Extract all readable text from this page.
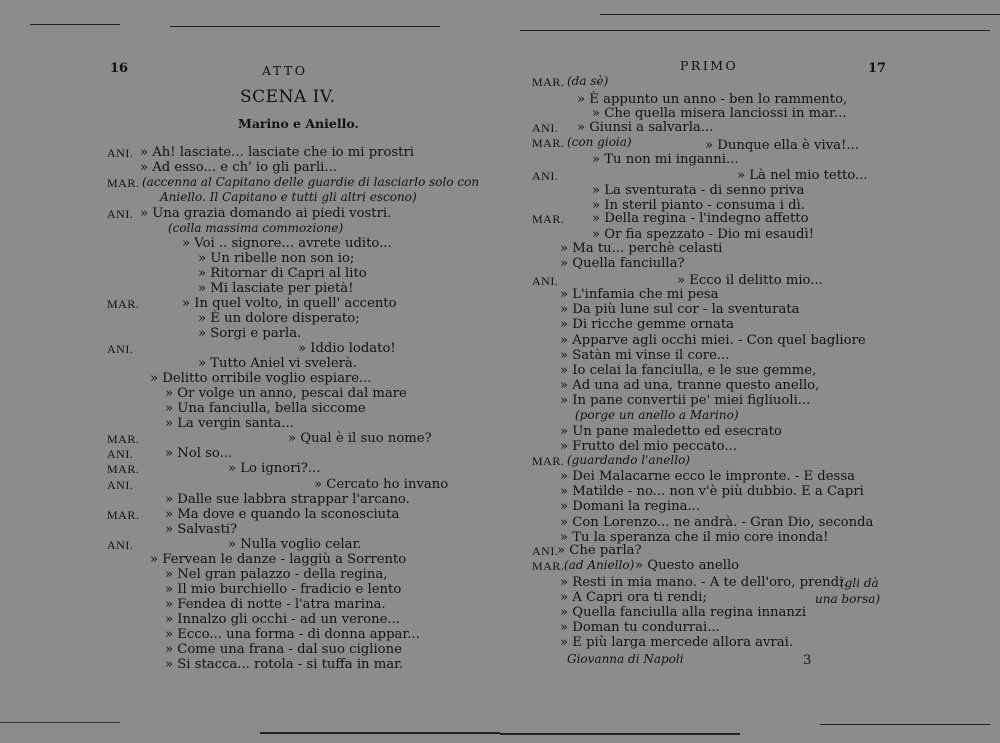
16	ATTO
SCENA IV.
Marino e Aniello.
ANI. » Ah! lasciate... lasciate che io mi prostri
» Ad esso... e ch' io gli parli...
MAR. (accenna al Capitano delle guardie di lasciarlo solo con
Aniello. Il Capitano e tutti gli altri escono)
ANI. » Una grazia domando ai piedi vostri.
(colla massima commozione)
» Voi .. signore... avrete udito...
» Un ribelle non son io;
» Ritornar di Capri al lito
» Mi lasciate per pietà!
MAR.	» In quel volto, in quell' accento
» È un dolore disperato;
» Sorgi e parla.
ANI.	» Iddio lodato!
» Tutto Aniel vi svelerà.
» Delitto orribile voglio espiare...
» Or volge un anno, pescai dal mare
» Una fanciulla, bella siccome
» La vergin santa...
MAR.	» Qual è il suo nome?
ANI. » Nol so...
MAR.	» Lo ignori?...
ANI.	» Cercato ho invano
» Dalle sue labbra strappar l'arcano.
MAR. » Ma dove e quando la sconosciuta
» Salvasti?
ANI.	» Nulla voglio celar.
» Fervean le danze - laggiù a Sorrento
» Nel gran palazzo - della regina,
» Il mio burchiello - fradicio e lento
» Fendea di notte - l'atra marina.
» Innalzo gli occhi - ad un verone...
» Ecco... una forma - di donna appar...
» Come una frana - dal suo ciglione
» Si stacca... rotola - si tuffa in mar.
PRIMO	17
MAR. (da sè)
» È appunto un anno - ben lo rammento,
» Che quella misera lanciossi in mar...
ANI. » Giunsi a salvarla...
MAR. (con gioia)	» Dunque ella è viva!...
» Tu non mi inganni...
ANI.	» Là nel mio tetto...
» La sventurata - di senno priva
» In steril pianto - consuma i dì.
MAR. » Della regina - l'indegno affetto
» Or fia spezzato - Dio mi esaudì!
» Ma tu... perchè celasti
» Quella fanciulla?
ANI.	» Ecco il delitto mio...
» L'infamia che mi pesa
» Da più lune sul cor - la sventurata
» Di ricche gemme ornata
» Apparve agli occhi miei. - Con quel bagliore
» Satàn mi vinse il core...
» Io celai la fanciulla, e le sue gemme,
» Ad una ad una, tranne questo anello,
» In pane convertii pe' miei figliuoli...
(porge un anello a Marino)
» Un pane maledetto ed esecrato
» Frutto del mio peccato...
MAR. (guardando l'anello)
» Dei Malacarne ecco le impronte. - E dessa
» Matilde - no... non v'è più dubbio. E a Capri
» Domani la regina...
» Con Lorenzo... ne andrà. - Gran Dio, seconda
» Tu la speranza che il mio core inonda!
ANI.
» Che parla?
MAR. (ad Aniello) » Questo anello
» Resti in mia mano. - A te dell'oro, prendi.
(gli dà
» A Capri ora ti rendi;	una borsa)
» Quella fanciulla alla regina innanzi
» Doman tu condurrai...
» E più larga mercede allora avrai.
Giovanna di Napoli	3
